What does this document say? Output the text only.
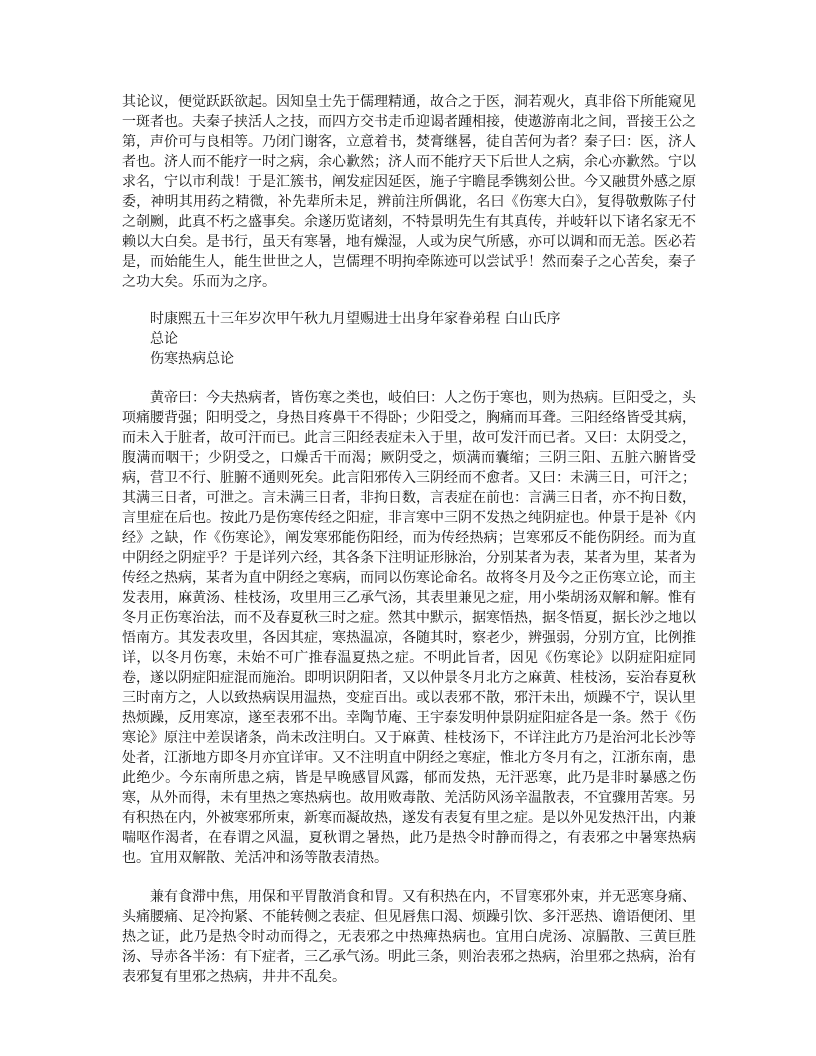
其论议，便觉跃跃欲起。因知皇士先于儒理精通，故合之于医，洞若观火，真非俗下所能窥见一斑者也。夫秦子挟活人之技，而四方交书走币迎谒者踵相接，使遨游南北之间，晋接王公之第，声价可与良相等。乃闭门谢客，立意着书，焚膏继晷，徒自苦何为者？秦子曰：医，济人者也。济人而不能疗一时之病，余心歉然；济人而不能疗天下后世人之病，余心亦歉然。宁以求名，宁以市利哉！于是汇簇书，阐发症因延医，施子宇瞻昆季镌刻公世。今又融贯外感之原委，神明其用药之精微，补先辈所未足，辨前注所偶讹，名曰《伤寒大白》，复得敬敷陈子付之剞劂，此真不朽之盛事矣。余遂历览诸刻，不特景明先生有其真传，并岐轩以下诸名家无不赖以大白矣。是书行，虽天有寒暑，地有燥湿，人或为戾气所感，亦可以调和而无恙。医必若是，而始能生人，能生世世之人，岂儒理不明拘牵陈迹可以尝试乎！然而秦子之心苦矣，秦子之功大矣。乐而为之序。

时康熙五十三年岁次甲午秋九月望赐进士出身年家眷弟程 白山氏序

总论

伤寒热病总论

黄帝曰：今夫热病者，皆伤寒之类也，岐伯曰：人之伤于寒也，则为热病。巨阳受之，头项痛腰背强；阳明受之，身热目疼鼻干不得卧；少阳受之，胸痛而耳聋。三阳经络皆受其病，而未入于脏者，故可汗而已。此言三阳经表症未入于里，故可发汗而已者。又曰：太阴受之，腹满而咽干；少阴受之，口燥舌干而渴；厥阴受之，烦满而囊缩；三阴三阳、五脏六腑皆受病，营卫不行、脏腑不通则死矣。此言阳邪传入三阴经而不愈者。又曰：未满三日，可汗之；其满三日者，可泄之。言未满三日者，非拘日数，言表症在前也：言满三日者，亦不拘日数，言里症在后也。按此乃是伤寒传经之阳症，非言寒中三阴不发热之纯阴症也。仲景于是补《内经》之缺，作《伤寒论》，阐发寒邪能伤阳经，而为传经热病；岂寒邪反不能伤阴经。而为直中阴经之阴症乎？于是详列六经，其各条下注明证形脉治，分别某者为表，某者为里，某者为传经之热病，某者为直中阴经之寒病，而同以伤寒论命名。故将冬月及今之正伤寒立论，而主发表用，麻黄汤、桂枝汤，攻里用三乙承气汤，其表里兼见之症，用小柴胡汤双解和解。惟有冬月正伤寒治法，而不及春夏秋三时之症。然其中默示，据寒悟热，据冬悟夏，据长沙之地以悟南方。其发表攻里，各因其症，寒热温凉，各随其时，察老少，辨强弱，分别方宜，比例推详，以冬月伤寒，未始不可广推春温夏热之症。不明此旨者，因见《伤寒论》以阴症阳症同卷，遂以阴症阳症混而施治。即明识阴阳者，又以仲景冬月北方之麻黄、桂枝汤，妄治春夏秋三时南方之，人以致热病误用温热，变症百出。或以表邪不散，邪汗未出，烦躁不宁，误认里热烦躁，反用寒凉，遂至表邪不出。幸陶节庵、王宇泰发明仲景阴症阳症各是一条。然于《伤寒论》原注中差误诸条，尚未改注明白。又于麻黄、桂枝汤下，不详注此方乃是治河北长沙等处者，江浙地方即冬月亦宜详审。又不注明直中阴经之寒症，惟北方冬月有之，江浙东南，患此绝少。今东南所患之病，皆是早晚感冒风露，郁而发热，无汗恶寒，此乃是非时暴感之伤寒，从外而得，未有里热之寒热病也。故用败毒散、羌活防风汤辛温散表，不宜骤用苦寒。另有积热在内，外被寒邪所束，新寒而凝故热，遂发有表复有里之症。是以外见发热汗出，内兼喘呕作渴者，在春谓之风温，夏秋谓之暑热，此乃是热令时静而得之，有表邪之中暑寒热病也。宜用双解散、羌活冲和汤等散表清热。

兼有食滞中焦，用保和平胃散消食和胃。又有积热在内，不冒寒邪外束，并无恶寒身痛、头痛腰痛、足冷拘紧、不能转侧之表症、但见唇焦口渴、烦躁引饮、多汗恶热、谵语便闭、里热之证，此乃是热令时动而得之，无表邪之中热痺热病也。宜用白虎汤、凉膈散、三黄巨胜汤、导赤各半汤：有下症者，三乙承气汤。明此三条，则治表邪之热病，治里邪之热病，治有表邪复有里邪之热病，井井不乱矣。
